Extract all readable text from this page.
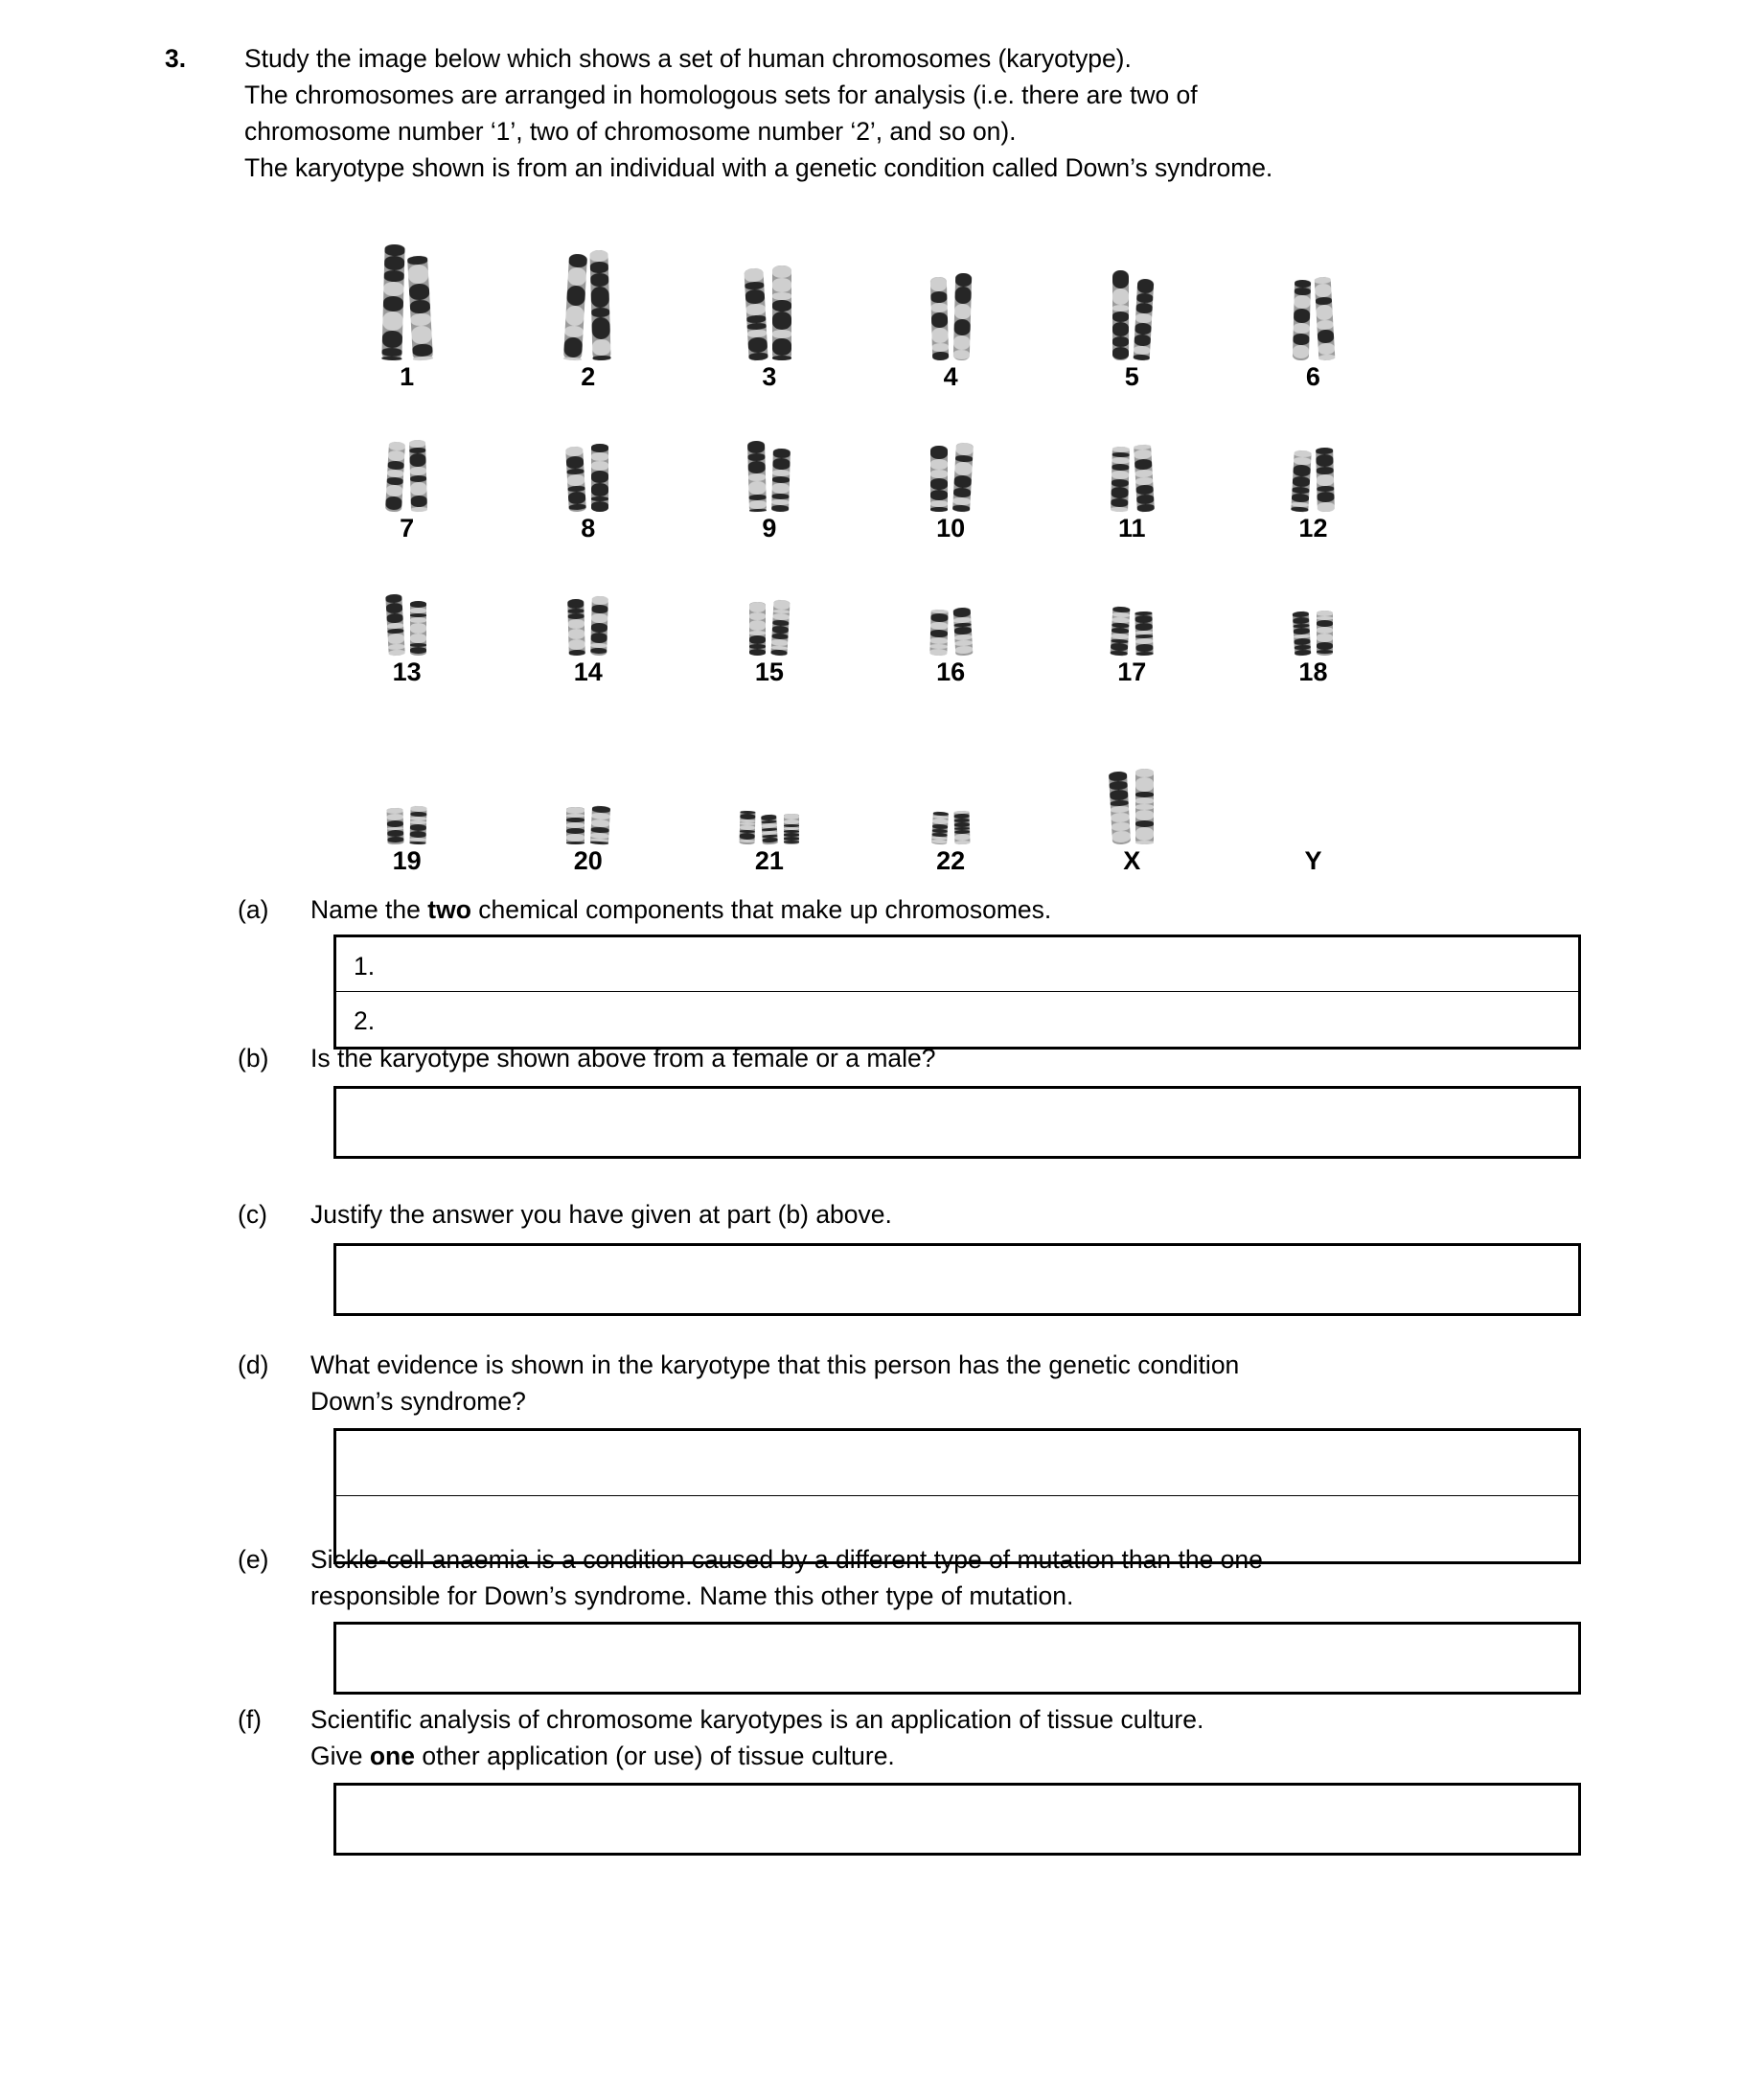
3.	Study the image below which shows a set of human chromosomes (karyotype).

The chromosomes are arranged in homologous sets for analysis (i.e. there are two of

chromosome number ‘1’, two of chromosome number ‘2’, and so on).

The karyotype shown is from an individual with a genetic condition called Down’s syndrome.

1	2	3	4	5	6
7	8	9	10	11	12
13	14	15	16	17	18
19	20	21	22	X	Y
(a)	Name the two chemical components that make up chromosomes.

1.
2.
(b)	Is the karyotype shown above from a female or a male?

(c)	Justify the answer you have given at part (b) above.

(d)	What evidence is shown in the karyotype that this person has the genetic condition

Down’s syndrome?

(e)	Sickle-cell anaemia is a condition caused by a different type of mutation than the one

responsible for Down’s syndrome. Name this other type of mutation.

(f)	Scientific analysis of chromosome karyotypes is an application of tissue culture.

Give one other application (or use) of tissue culture.
